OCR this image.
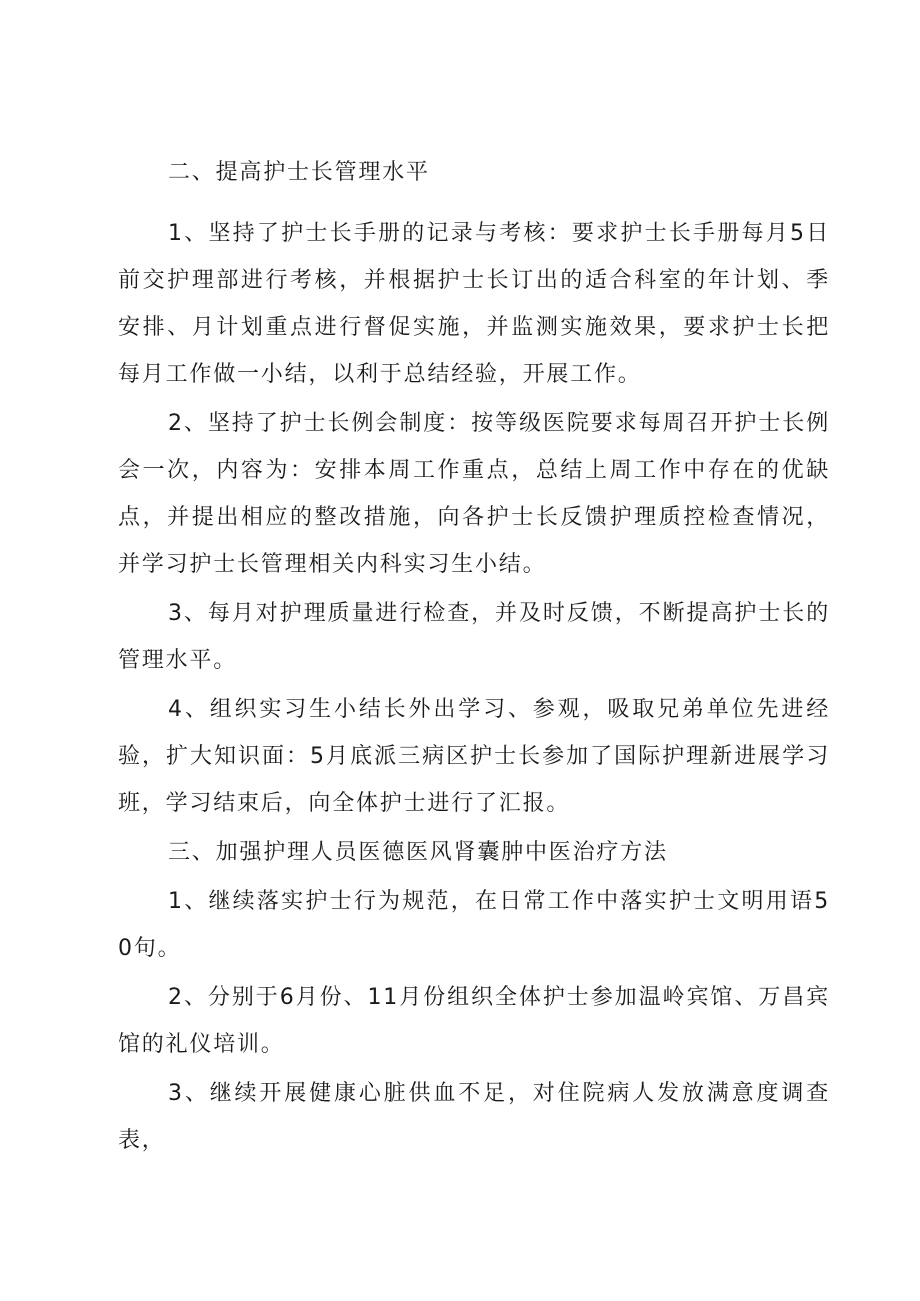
二、提高护士长管理水平

1、坚持了护士长手册的记录与考核：要求护士长手册每月5日前交护理部进行考核，并根据护士长订出的适合科室的年计划、季安排、月计划重点进行督促实施，并监测实施效果，要求护士长把每月工作做一小结，以利于总结经验，开展工作。

2、坚持了护士长例会制度：按等级医院要求每周召开护士长例会一次，内容为：安排本周工作重点，总结上周工作中存在的优缺点，并提出相应的整改措施，向各护士长反馈护理质控检查情况，并学习护士长管理相关内科实习生小结。

3、每月对护理质量进行检查，并及时反馈，不断提高护士长的管理水平。

4、组织实习生小结长外出学习、参观，吸取兄弟单位先进经验，扩大知识面：5月底派三病区护士长参加了国际护理新进展学习班，学习结束后，向全体护士进行了汇报。

三、加强护理人员医德医风肾囊肿中医治疗方法

1、继续落实护士行为规范，在日常工作中落实护士文明用语50句。

2、分别于6月份、11月份组织全体护士参加温岭宾馆、万昌宾馆的礼仪培训。

3、继续开展健康心脏供血不足，对住院病人发放满意度调查表，
